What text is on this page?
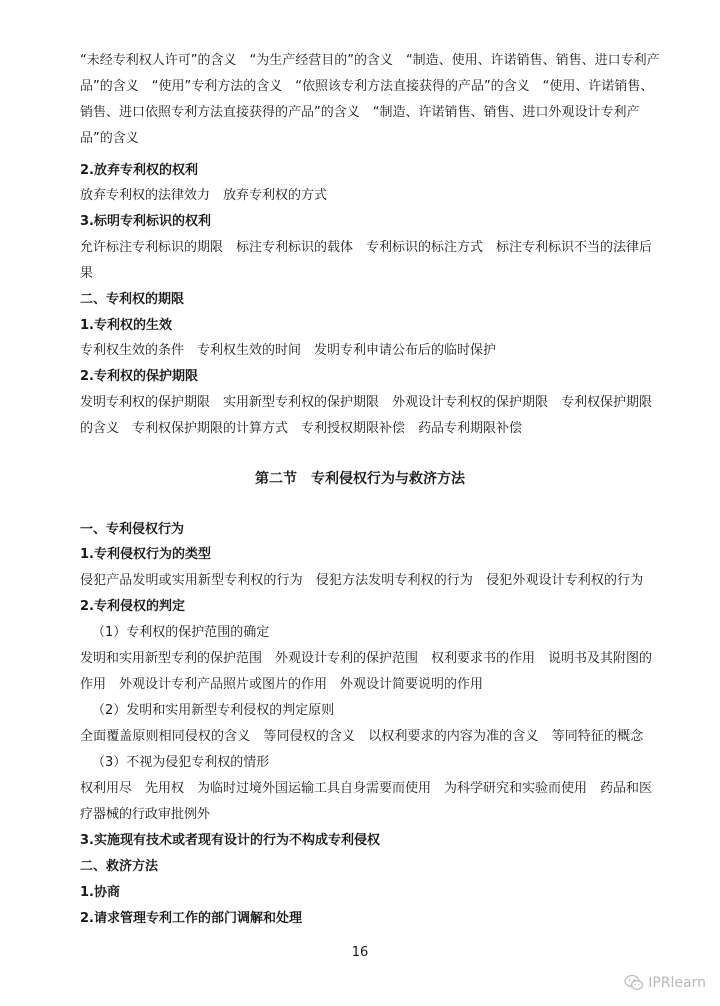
“未经专利权人许可”的含义　“为生产经营目的”的含义　“制造、使用、许诺销售、销售、进口专利产品”的含义　“使用”专利方法的含义　“依照该专利方法直接获得的产品”的含义　“使用、许诺销售、销售、进口依照专利方法直接获得的产品”的含义　“制造、许诺销售、销售、进口外观设计专利产品”的含义

2.放弃专利权的权利

放弃专利权的法律效力　放弃专利权的方式

3.标明专利标识的权利

允许标注专利标识的期限　标注专利标识的载体　专利标识的标注方式　标注专利标识不当的法律后果

二、专利权的期限

1.专利权的生效

专利权生效的条件　专利权生效的时间　发明专利申请公布后的临时保护

2.专利权的保护期限

发明专利权的保护期限　实用新型专利权的保护期限　外观设计专利权的保护期限　专利权保护期限的含义　专利权保护期限的计算方式　专利授权期限补偿　药品专利期限补偿

第二节　专利侵权行为与救济方法

一、专利侵权行为

1.专利侵权行为的类型

侵犯产品发明或实用新型专利权的行为　侵犯方法发明专利权的行为　侵犯外观设计专利权的行为

2.专利侵权的判定

（1）专利权的保护范围的确定

发明和实用新型专利的保护范围　外观设计专利的保护范围　权利要求书的作用　说明书及其附图的作用　外观设计专利产品照片或图片的作用　外观设计简要说明的作用

（2）发明和实用新型专利侵权的判定原则

全面覆盖原则相同侵权的含义　等同侵权的含义　以权利要求的内容为准的含义　等同特征的概念

（3）不视为侵犯专利权的情形

权利用尽　先用权　为临时过境外国运输工具自身需要而使用　为科学研究和实验而使用　药品和医疗器械的行政审批例外

3.实施现有技术或者现有设计的行为不构成专利侵权

二、救济方法

1.协商

2.请求管理专利工作的部门调解和处理

16
IPRlearn
